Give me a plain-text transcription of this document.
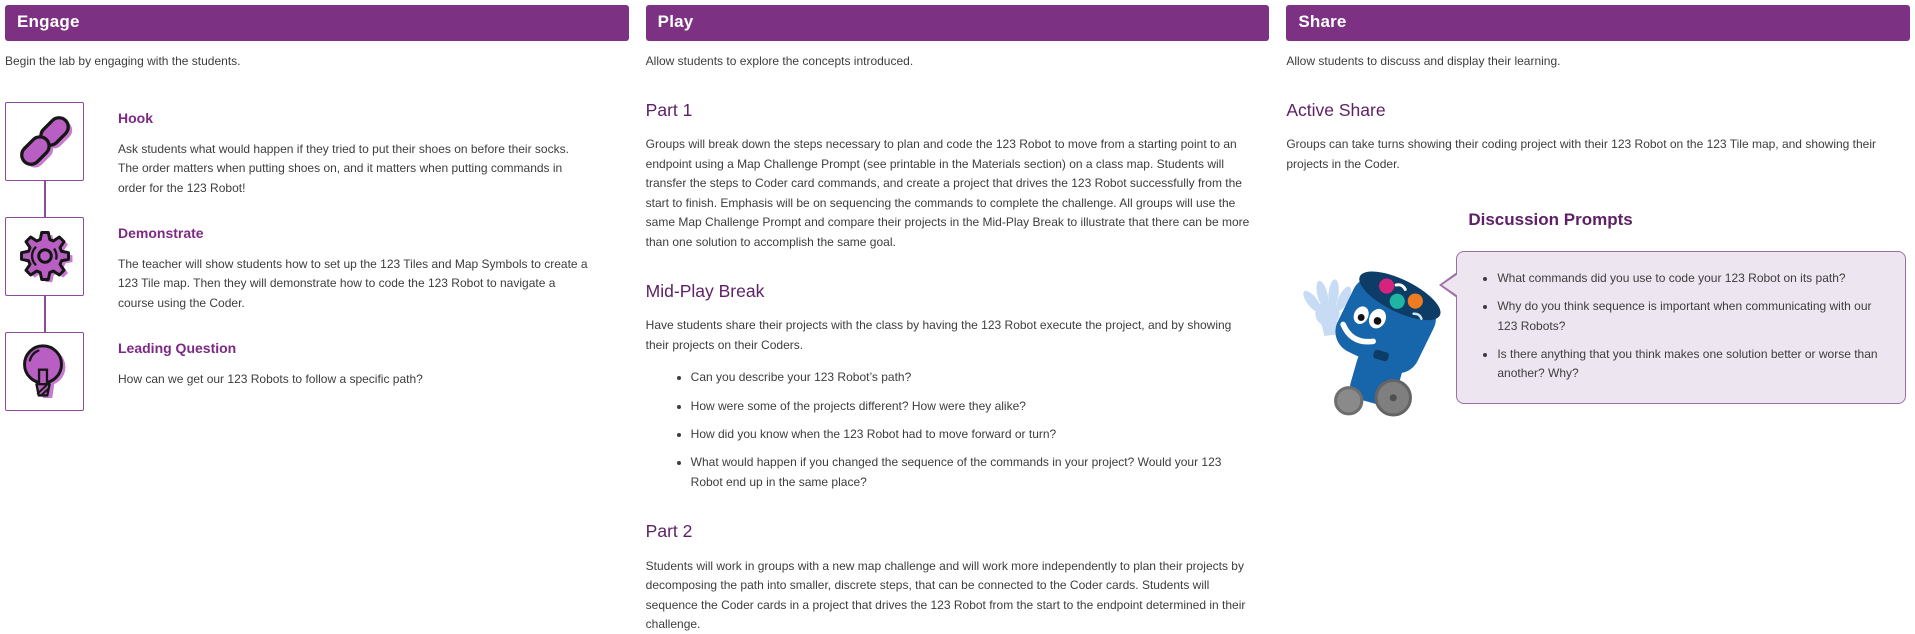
Engage

Begin the lab by engaging with the students.

Hook

Ask students what would happen if they tried to put their shoes on before their socks. The order matters when putting shoes on, and it matters when putting commands in order for the 123 Robot!

Demonstrate

The teacher will show students how to set up the 123 Tiles and Map Symbols to create a 123 Tile map. Then they will demonstrate how to code the 123 Robot to navigate a course using the Coder.

Leading Question

How can we get our 123 Robots to follow a specific path?

Play

Allow students to explore the concepts introduced.

Part 1

Groups will break down the steps necessary to plan and code the 123 Robot to move from a starting point to an endpoint using a Map Challenge Prompt (see printable in the Materials section) on a class map. Students will transfer the steps to Coder card commands, and create a project that drives the 123 Robot successfully from the start to finish. Emphasis will be on sequencing the commands to complete the challenge. All groups will use the same Map Challenge Prompt and compare their projects in the Mid-Play Break to illustrate that there can be more than one solution to accomplish the same goal.

Mid-Play Break

Have students share their projects with the class by having the 123 Robot execute the project, and by showing their projects on their Coders.

• Can you describe your 123 Robot’s path?
• How were some of the projects different? How were they alike?
• How did you know when the 123 Robot had to move forward or turn?
• What would happen if you changed the sequence of the commands in your project? Would your 123 Robot end up in the same place?
Part 2

Students will work in groups with a new map challenge and will work more independently to plan their projects by decomposing the path into smaller, discrete steps, that can be connected to the Coder cards. Students will sequence the Coder cards in a project that drives the 123 Robot from the start to the endpoint determined in their challenge.

Share

Allow students to discuss and display their learning.

Active Share

Groups can take turns showing their coding project with their 123 Robot on the 123 Tile map, and showing their projects in the Coder.

Discussion Prompts
• What commands did you use to code your 123 Robot on its path?
• Why do you think sequence is important when communicating with our 123 Robots?
• Is there anything that you think makes one solution better or worse than another? Why?
